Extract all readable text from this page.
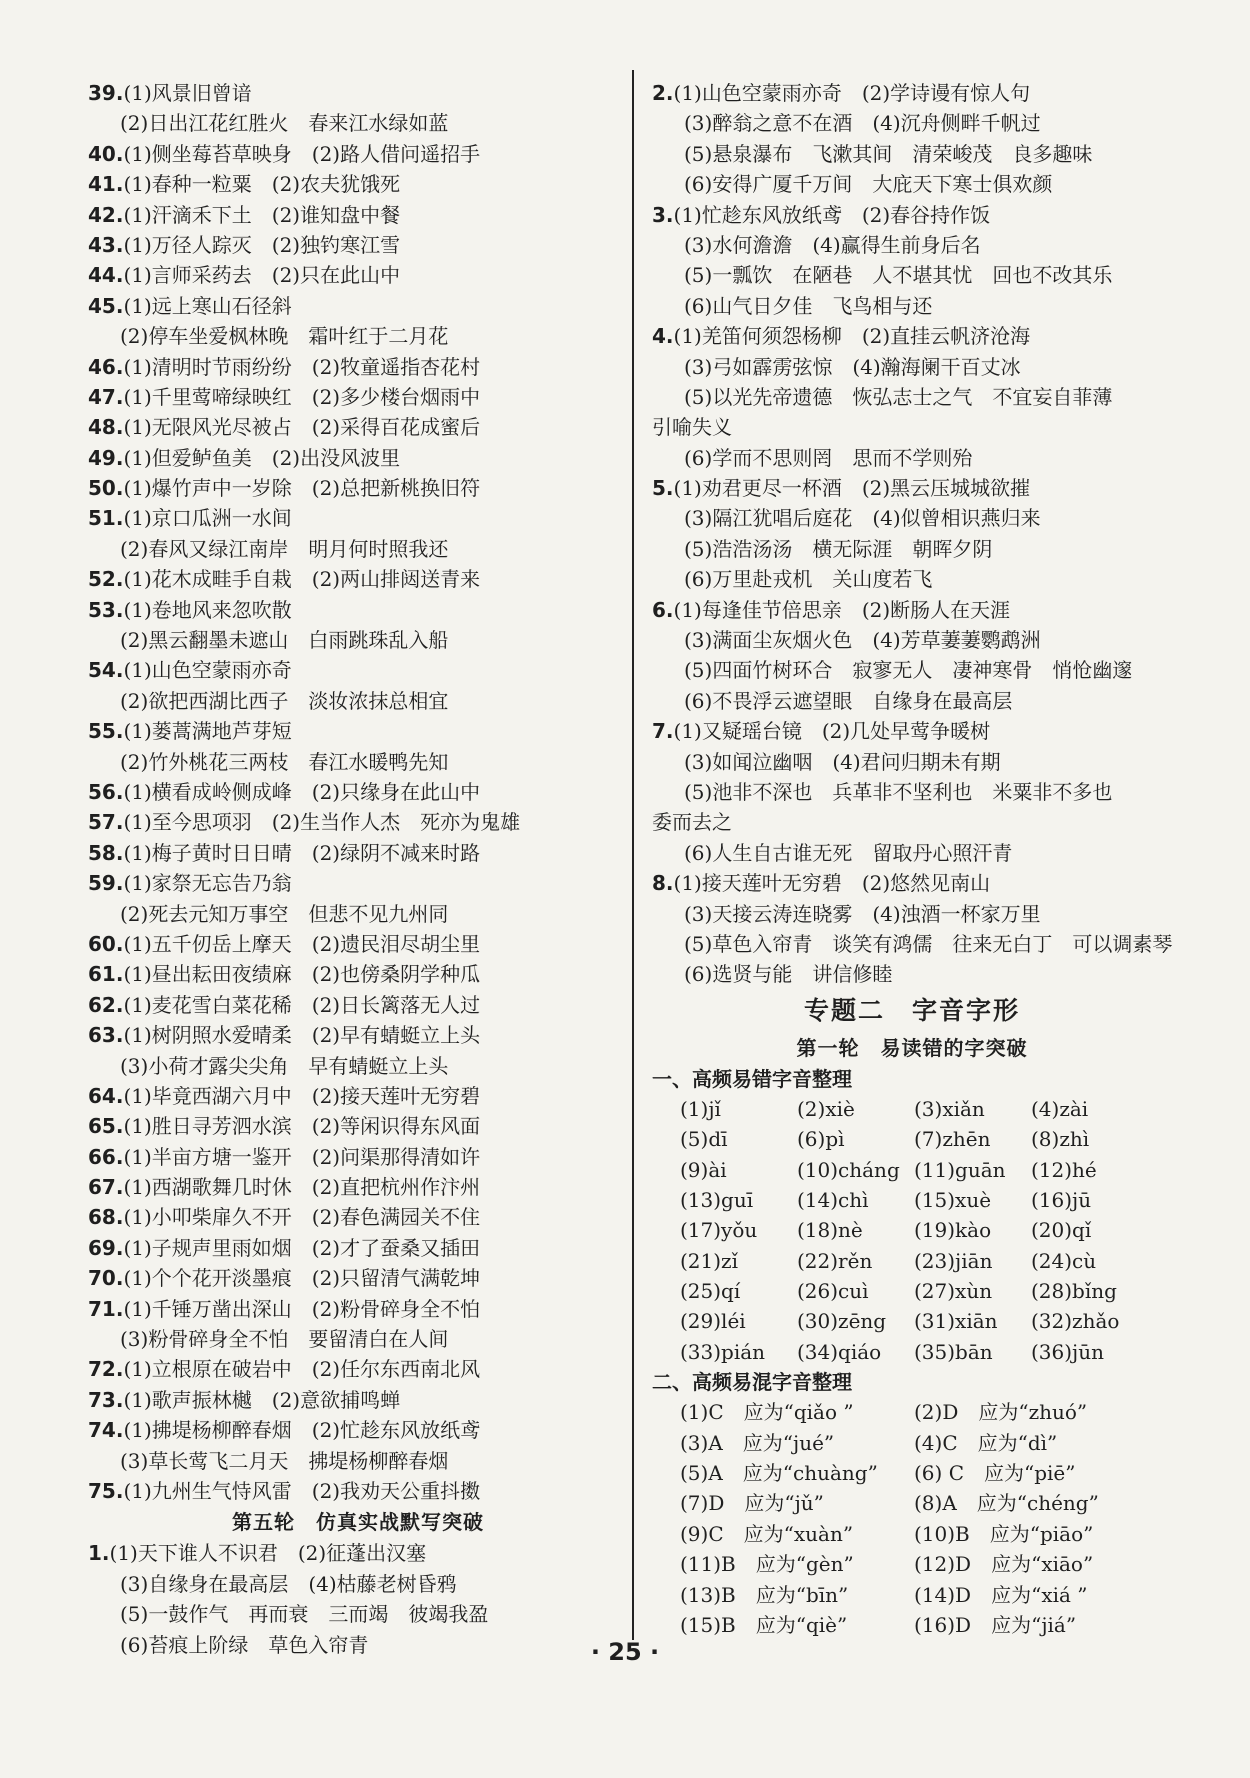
39.(1)风景旧曾谙
(2)日出江花红胜火　春来江水绿如蓝
40.(1)侧坐莓苔草映身　(2)路人借问遥招手
41.(1)春种一粒粟　(2)农夫犹饿死
42.(1)汗滴禾下土　(2)谁知盘中餐
43.(1)万径人踪灭　(2)独钓寒江雪
44.(1)言师采药去　(2)只在此山中
45.(1)远上寒山石径斜
(2)停车坐爱枫林晚　霜叶红于二月花
46.(1)清明时节雨纷纷　(2)牧童遥指杏花村
47.(1)千里莺啼绿映红　(2)多少楼台烟雨中
48.(1)无限风光尽被占　(2)采得百花成蜜后
49.(1)但爱鲈鱼美　(2)出没风波里
50.(1)爆竹声中一岁除　(2)总把新桃换旧符
51.(1)京口瓜洲一水间
(2)春风又绿江南岸　明月何时照我还
52.(1)花木成畦手自栽　(2)两山排闼送青来
53.(1)卷地风来忽吹散
(2)黑云翻墨未遮山　白雨跳珠乱入船
54.(1)山色空蒙雨亦奇
(2)欲把西湖比西子　淡妆浓抹总相宜
55.(1)蒌蒿满地芦芽短
(2)竹外桃花三两枝　春江水暖鸭先知
56.(1)横看成岭侧成峰　(2)只缘身在此山中
57.(1)至今思项羽　(2)生当作人杰　死亦为鬼雄
58.(1)梅子黄时日日晴　(2)绿阴不减来时路
59.(1)家祭无忘告乃翁
(2)死去元知万事空　但悲不见九州同
60.(1)五千仞岳上摩天　(2)遗民泪尽胡尘里
61.(1)昼出耘田夜绩麻　(2)也傍桑阴学种瓜
62.(1)麦花雪白菜花稀　(2)日长篱落无人过
63.(1)树阴照水爱晴柔　(2)早有蜻蜓立上头
(3)小荷才露尖尖角　早有蜻蜓立上头
64.(1)毕竟西湖六月中　(2)接天莲叶无穷碧
65.(1)胜日寻芳泗水滨　(2)等闲识得东风面
66.(1)半亩方塘一鉴开　(2)问渠那得清如许
67.(1)西湖歌舞几时休　(2)直把杭州作汴州
68.(1)小叩柴扉久不开　(2)春色满园关不住
69.(1)子规声里雨如烟　(2)才了蚕桑又插田
70.(1)个个花开淡墨痕　(2)只留清气满乾坤
71.(1)千锤万凿出深山　(2)粉骨碎身全不怕
(3)粉骨碎身全不怕　要留清白在人间
72.(1)立根原在破岩中　(2)任尔东西南北风
73.(1)歌声振林樾　(2)意欲捕鸣蝉
74.(1)拂堤杨柳醉春烟　(2)忙趁东风放纸鸢
(3)草长莺飞二月天　拂堤杨柳醉春烟
75.(1)九州生气恃风雷　(2)我劝天公重抖擞
第五轮　仿真实战默写突破
1.(1)天下谁人不识君　(2)征蓬出汉塞
(3)自缘身在最高层　(4)枯藤老树昏鸦
(5)一鼓作气　再而衰　三而竭　彼竭我盈
(6)苔痕上阶绿　草色入帘青
2.(1)山色空蒙雨亦奇　(2)学诗谩有惊人句
(3)醉翁之意不在酒　(4)沉舟侧畔千帆过
(5)悬泉瀑布　飞漱其间　清荣峻茂　良多趣味
(6)安得广厦千万间　大庇天下寒士俱欢颜
3.(1)忙趁东风放纸鸢　(2)春谷持作饭
(3)水何澹澹　(4)赢得生前身后名
(5)一瓢饮　在陋巷　人不堪其忧　回也不改其乐
(6)山气日夕佳　飞鸟相与还
4.(1)羌笛何须怨杨柳　(2)直挂云帆济沧海
(3)弓如霹雳弦惊　(4)瀚海阑干百丈冰
(5)以光先帝遗德　恢弘志士之气　不宜妄自菲薄
引喻失义
(6)学而不思则罔　思而不学则殆
5.(1)劝君更尽一杯酒　(2)黑云压城城欲摧
(3)隔江犹唱后庭花　(4)似曾相识燕归来
(5)浩浩汤汤　横无际涯　朝晖夕阴
(6)万里赴戎机　关山度若飞
6.(1)每逢佳节倍思亲　(2)断肠人在天涯
(3)满面尘灰烟火色　(4)芳草萋萋鹦鹉洲
(5)四面竹树环合　寂寥无人　凄神寒骨　悄怆幽邃
(6)不畏浮云遮望眼　自缘身在最高层
7.(1)又疑瑶台镜　(2)几处早莺争暖树
(3)如闻泣幽咽　(4)君问归期未有期
(5)池非不深也　兵革非不坚利也　米粟非不多也
委而去之
(6)人生自古谁无死　留取丹心照汗青
8.(1)接天莲叶无穷碧　(2)悠然见南山
(3)天接云涛连晓雾　(4)浊酒一杯家万里
(5)草色入帘青　谈笑有鸿儒　往来无白丁　可以调素琴
(6)选贤与能　讲信修睦
专题二　字音字形
第一轮　易读错的字突破
一、高频易错字音整理
(1)jǐ	(2)xiè	(3)xiǎn	(4)zài
(5)dī	(6)pì	(7)zhēn	(8)zhì
(9)ài	(10)cháng (11)guān	(12)hé
(13)guī	(14)chì	(15)xuè	(16)jū
(17)yǒu	(18)nè	(19)kào	(20)qǐ
(21)zǐ	(22)rěn	(23)jiān	(24)cù
(25)qí	(26)cuì	(27)xùn	(28)bǐng
(29)léi	(30)zēng	(31)xiān	(32)zhǎo
(33)pián	(34)qiáo	(35)bān	(36)jūn
二、高频易混字音整理
(1)C　应为“qiǎo ”	(2)D　应为“zhuó”
(3)A　应为“jué”	(4)C　应为“dì”
(5)A　应为“chuàng”	(6) C　应为“piē”
(7)D　应为“jǔ”	(8)A　应为“chéng”
(9)C　应为“xuàn”	(10)B　应为“piāo”
(11)B　应为“gèn”	(12)D　应为“xiāo”
(13)B　应为“bīn”	(14)D　应为“xiá ”
(15)B　应为“qiè”	(16)D　应为“jiá”
· 25 ·
